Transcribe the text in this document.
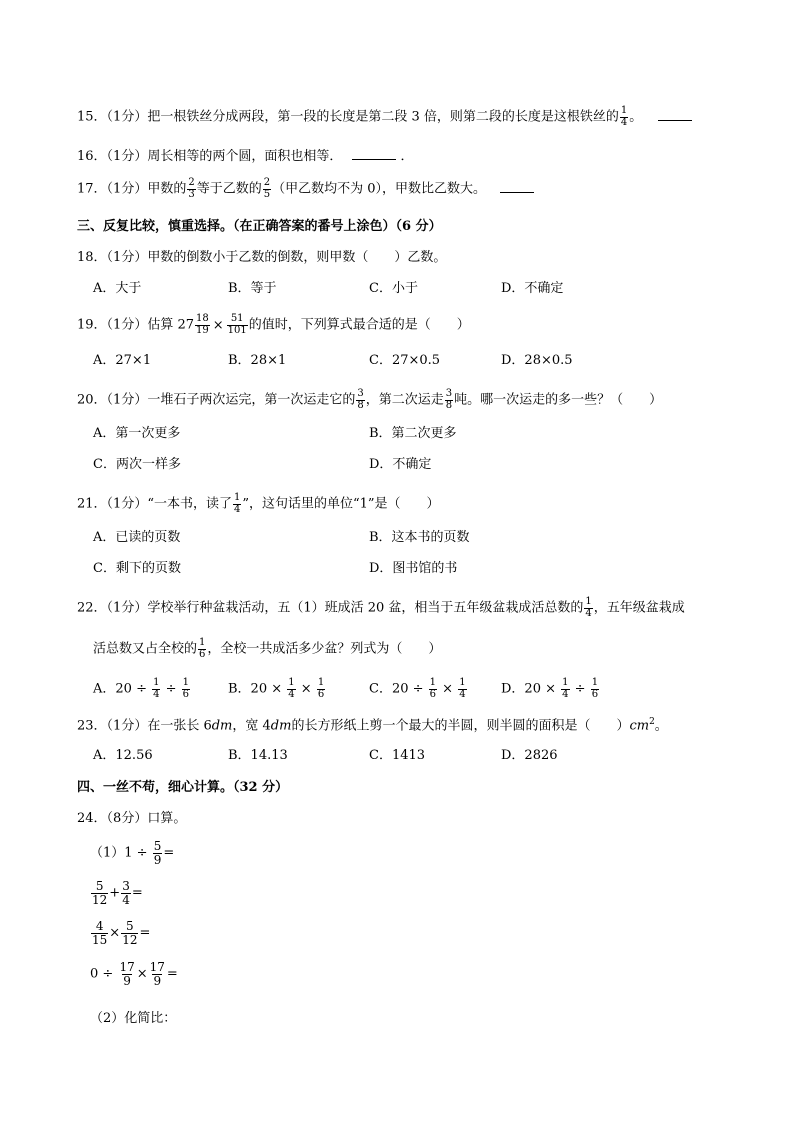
15．（1分）把一根铁丝分成两段，第一段的长度是第二段 3 倍，则第二段的长度是这根铁丝的 $\frac{1}{4}$ 。
16．（1分）周长相等的两个圆，面积也相等．	．
17．（1分）甲数的 $\frac{2}{3}$ 等于乙数的 $\frac{2}{5}$ （甲乙数均不为 0），甲数比乙数大。
三、反复比较，慎重选择。（在正确答案的番号上涂色）（6 分）
18．（1分）甲数的倒数小于乙数的倒数，则甲数（　　）乙数。
A．大于	B．等于	C．小于	D．不确定
19．（1分）估算 $27 \frac{18}{19} \times \frac{51}{101}$ 的值时，下列算式最合适的是（　　）
A．27×1	B．28×1	C．27×0.5	D．28×0.5
20．（1分）一堆石子两次运完，第一次运走它的 $\frac{3}{8}$ ，第二次运走 $\frac{3}{8}$ 吨。哪一次运走的多一些？（　　）
A．第一次更多	B．第二次更多
C．两次一样多	D．不确定
21．（1分）“一本书，读了 $\frac{1}{4}$ ”，这句话里的单位“1”是（　　）
A．已读的页数	B．这本书的页数
C．剩下的页数	D．图书馆的书
22．（1分）学校举行种盆栽活动，五（1）班成活 20 盆，相当于五年级盆栽成活总数的 $\frac{1}{4}$ ，五年级盆栽成
活总数又占全校的 $\frac{1}{6}$ ，全校一共成活多少盆？列式为（　　）
A．$20 \div \frac{1}{4} \div \frac{1}{6}$	B．$20 \times \frac{1}{4} \times \frac{1}{6}$	C．$20 \div \frac{1}{6} \times \frac{1}{4}$	D．$20 \times \frac{1}{4} \div \frac{1}{6}$
23．（1分）在一张长 6dm，宽 4dm的长方形纸上剪一个最大的半圆，则半圆的面积是（　　）$cm^2$。
A．12.56	B．14.13	C．1413	D．2826
四、一丝不苟，细心计算。（32 分）
24．（8分）口算。
$(1)1 \div \frac{5}{9}$ =
$\frac{5}{12} + \frac{3}{4}$ =
$\frac{4}{15} \times \frac{5}{12}$ =
$0 \div \frac{17}{9} \times \frac{17}{9}$ =
（2）化简比：
